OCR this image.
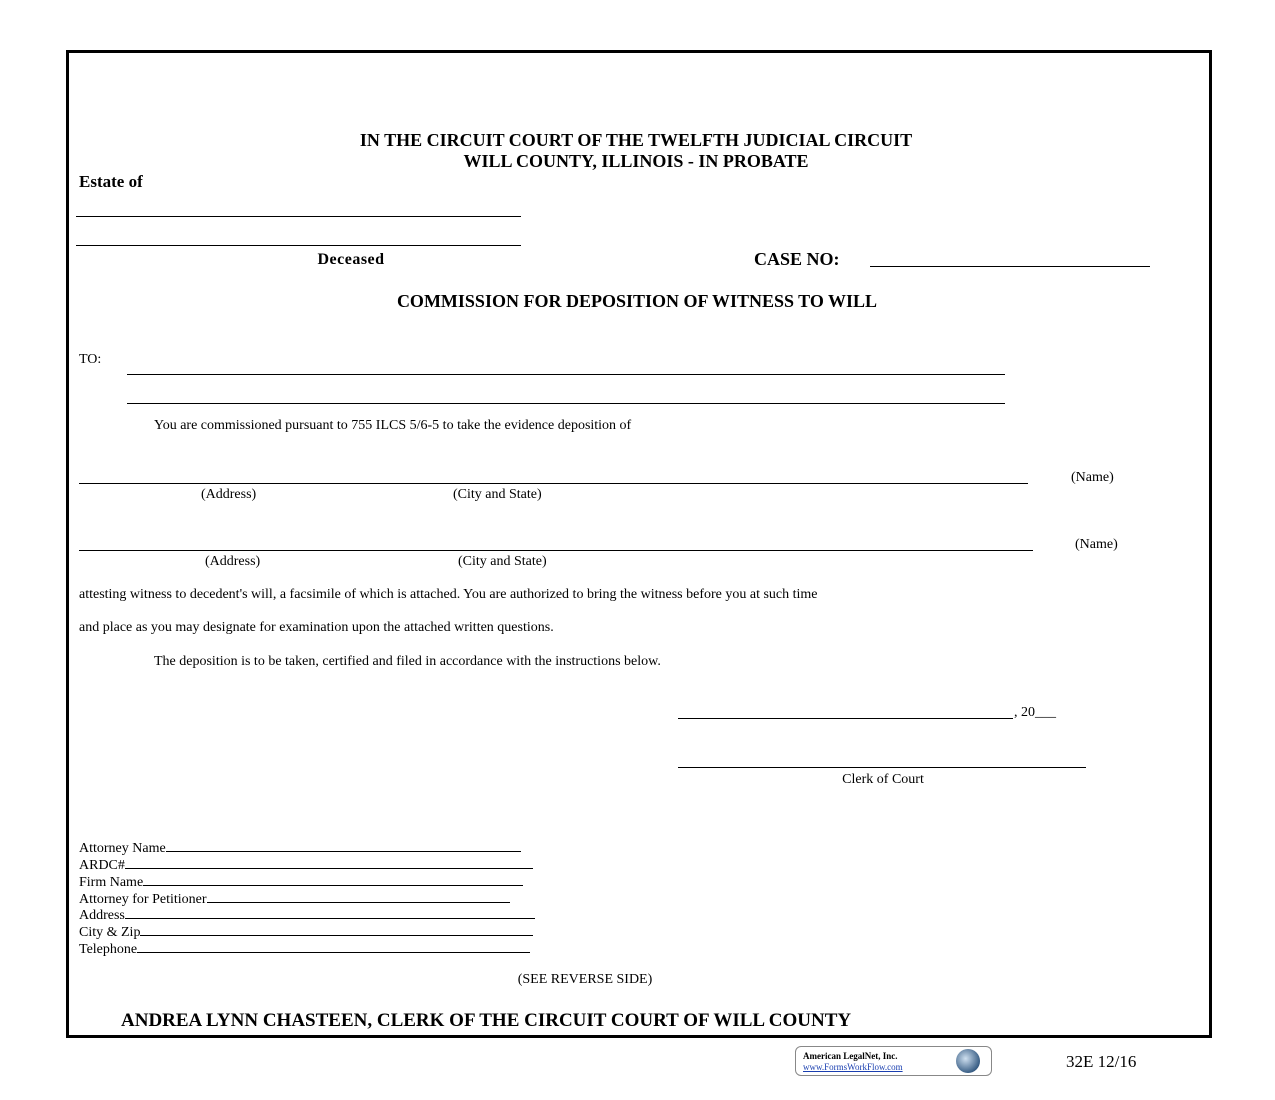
IN THE CIRCUIT COURT OF THE TWELFTH JUDICIAL CIRCUIT
WILL COUNTY, ILLINOIS - IN PROBATE
Estate of
Deceased	CASE NO:
COMMISSION FOR DEPOSITION OF WITNESS TO WILL
TO:
You are commissioned pursuant to 755 ILCS 5/6-5 to take the evidence deposition of
(Name)
(Address)	(City and State)
(Name)
(Address)	(City and State)
attesting witness to decedent's will, a facsimile of which is attached. You are authorized to bring the witness before you at such time
and place as you may designate for examination upon the attached written questions.
The deposition is to be taken, certified and filed in accordance with the instructions below.
, 20___
Clerk of Court
Attorney Name
ARDC#
Firm Name
Attorney for Petitioner
Address
City & Zip
Telephone
(SEE REVERSE SIDE)
ANDREA LYNN CHASTEEN, CLERK OF THE CIRCUIT COURT OF WILL COUNTY
American LegalNet, Inc.
www.FormsWorkFlow.com	32E 12/16
